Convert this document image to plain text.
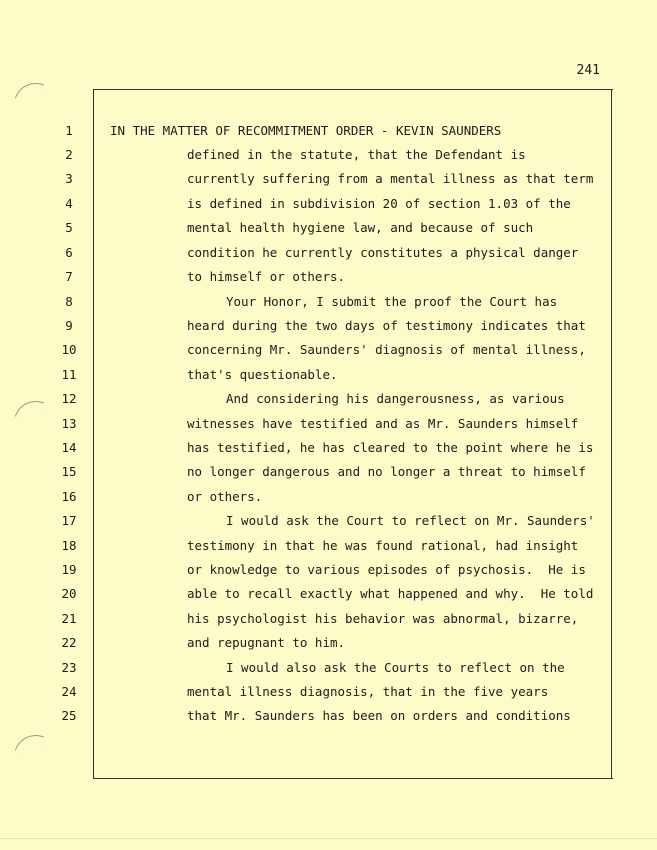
241
1
2
3
4
5
6
7
8
9
10
11
12
13
14
15
16
17
18
19
20
21
22
23
24
25
IN THE MATTER OF RECOMMITMENT ORDER - KEVIN SAUNDERS
defined in the statute, that the Defendant is
currently suffering from a mental illness as that term
is defined in subdivision 20 of section 1.03 of the
mental health hygiene law, and because of such
condition he currently constitutes a physical danger
to himself or others.
Your Honor, I submit the proof the Court has
heard during the two days of testimony indicates that
concerning Mr. Saunders' diagnosis of mental illness,
that's questionable.
And considering his dangerousness, as various
witnesses have testified and as Mr. Saunders himself
has testified, he has cleared to the point where he is
no longer dangerous and no longer a threat to himself
or others.
I would ask the Court to reflect on Mr. Saunders'
testimony in that he was found rational, had insight
or knowledge to various episodes of psychosis.  He is
able to recall exactly what happened and why.  He told
his psychologist his behavior was abnormal, bizarre,
and repugnant to him.
I would also ask the Courts to reflect on the
mental illness diagnosis, that in the five years
that Mr. Saunders has been on orders and conditions
